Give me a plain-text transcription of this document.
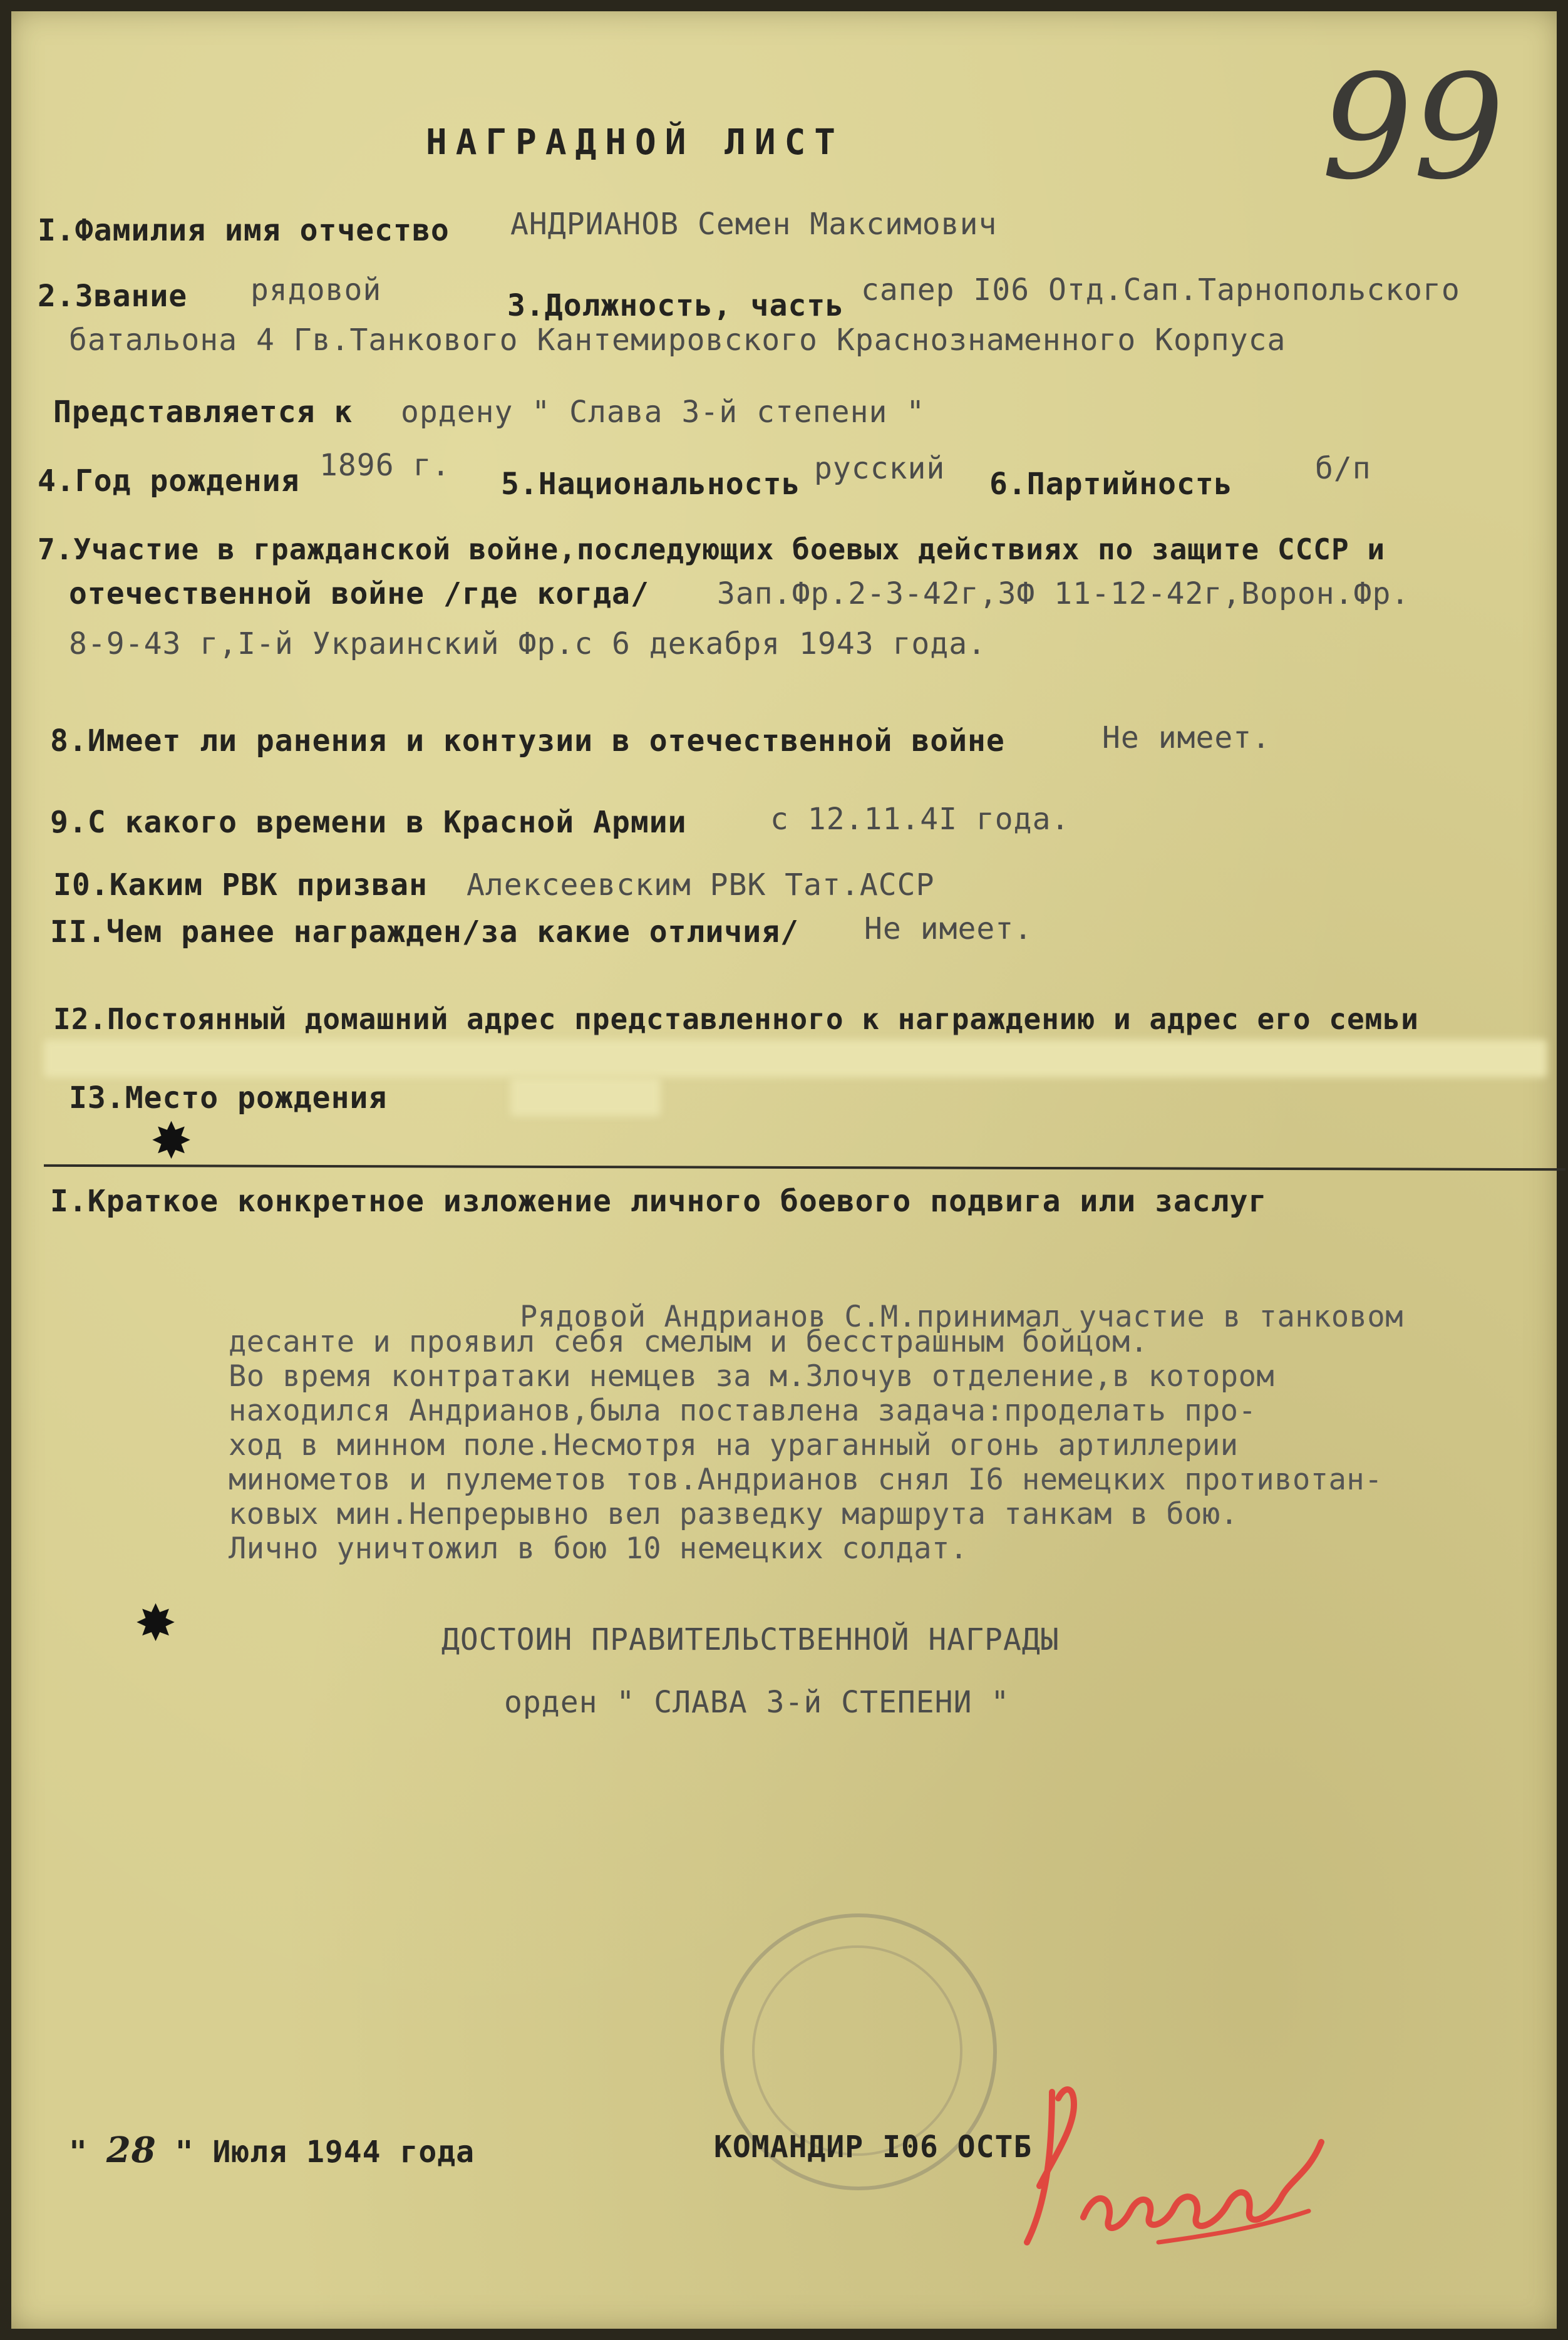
99
НАГРАДНОЙ ЛИСТ
I.Фамилия имя отчество АНДРИАНОВ Семен Максимович
2.Звание рядовой	3.Должность, часть сапер I06 Отд.Сап.Тарнопольского
батальона 4 Гв.Танкового Кантемировского Краснознаменного Корпуса
Представляется к ордену " Слава 3-й степени "
4.Год рождения 1896 г.
5.Национальность русский 6.Партийность	б/п
7.Участие в гражданской войне,последующих боевых действиях по защите СССР и
отечественной войне /где когда/ Зап.Фр.2-3-42г,ЗФ 11-12-42г,Ворон.Фр.
8-9-43 г,I-й Украинский Фр.с 6 декабря 1943 года.
8.Имеет ли ранения и контузии в отечественной войне	Не имеет.
9.С какого времени в Красной Армии	с 12.11.4I года.
I0.Каким РВК призван Алексеевским РВК Тат.АССР
II.Чем ранее награжден/за какие отличия/ Не имеет.
I2.Постоянный домашний адрес представленного к награждению и адрес его семьи
I3.Место рождения
✸
I.Краткое конкретное изложение личного боевого подвига или заслуг
Рядовой Андрианов С.М.принимал участие в танковом
десанте и проявил себя смелым и бесстрашным бойцом.
Во время контратаки немцев за м.Злочув отделение,в котором
находился Андрианов,была поставлена задача:проделать про-
ход в минном поле.Несмотря на ураганный огонь артиллерии
минометов и пулеметов тов.Андрианов снял I6 немецких противотан-
ковых мин.Непрерывно вел разведку маршрута танкам в бою.
Лично уничтожил в бою 10 немецких солдат.
✸	ДОСТОИН ПРАВИТЕЛЬСТВЕННОЙ НАГРАДЫ
орден " СЛАВА 3-й СТЕПЕНИ "
" 28 " Июля 1944 года	КОМАНДИР I06 ОСТБ
